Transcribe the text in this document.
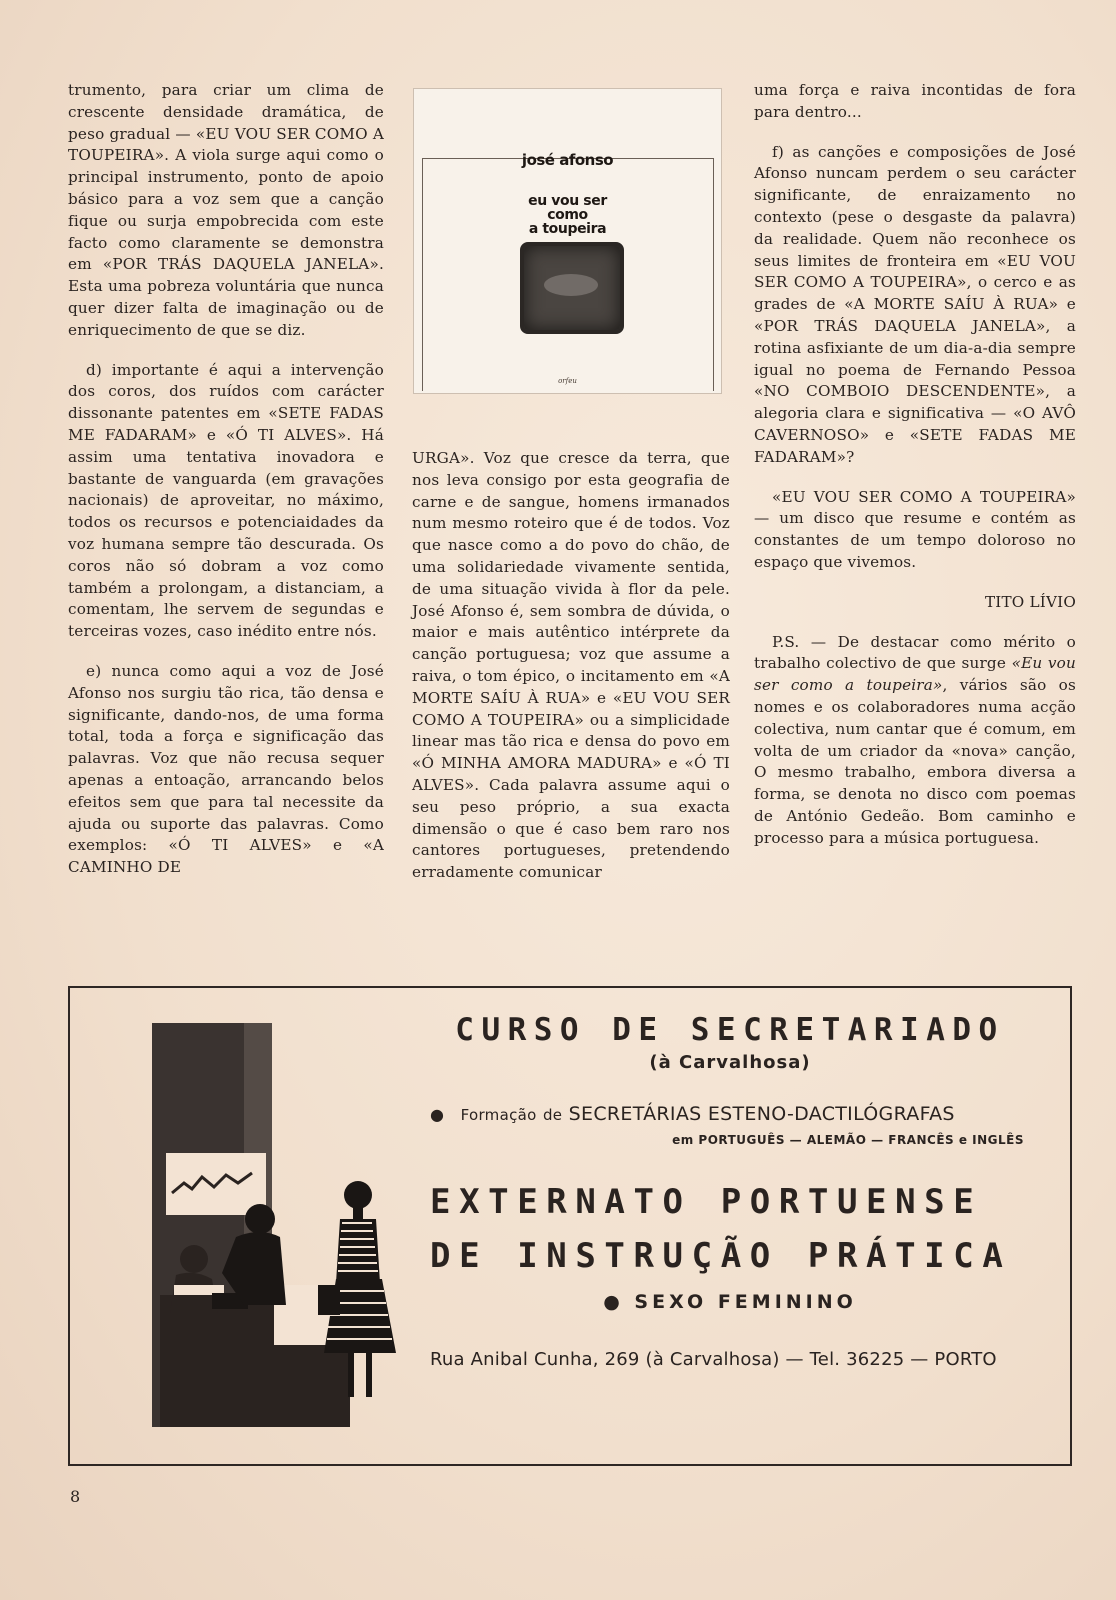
trumento, para criar um clima de crescente densidade dramática, de peso gradual — «EU VOU SER COMO A TOUPEIRA». A viola surge aqui como o principal instrumento, ponto de apoio básico para a voz sem que a canção fique ou surja empobrecida com este facto como claramente se demonstra em «POR TRÁS DAQUELA JANELA». Esta uma pobreza voluntária que nunca quer dizer falta de imaginação ou de enriquecimento de que se diz.

d) importante é aqui a intervenção dos coros, dos ruídos com carácter dissonante patentes em «SETE FADAS ME FADARAM» e «Ó TI ALVES». Há assim uma tentativa inovadora e bastante de vanguarda (em gravações nacionais) de aproveitar, no máximo, todos os recursos e potenciaidades da voz humana sempre tão descurada. Os coros não só dobram a voz como também a prolongam, a distanciam, a comentam, lhe servem de segundas e terceiras vozes, caso inédito entre nós.

e) nunca como aqui a voz de José Afonso nos surgiu tão rica, tão densa e significante, dando-nos, de uma forma total, toda a força e significação das palavras. Voz que não recusa sequer apenas a entoação, arrancando belos efeitos sem que para tal necessite da ajuda ou suporte das palavras. Como exemplos: «Ó TI ALVES» e «A CAMINHO DE

josé afonso
eu vou ser
como
a toupeira
orfeu

URGA». Voz que cresce da terra, que nos leva consigo por esta geografia de carne e de sangue, homens irmanados num mesmo roteiro que é de todos. Voz que nasce como a do povo do chão, de uma solidariedade vivamente sentida, de uma situação vivida à flor da pele. José Afonso é, sem sombra de dúvida, o maior e mais autêntico intérprete da canção portuguesa; voz que assume a raiva, o tom épico, o incitamento em «A MORTE SAÍU À RUA» e «EU VOU SER COMO A TOUPEIRA» ou a simplicidade linear mas tão rica e densa do povo em «Ó MINHA AMORA MADURA» e «Ó TI ALVES». Cada palavra assume aqui o seu peso próprio, a sua exacta dimensão o que é caso bem raro nos cantores portugueses, pretendendo erradamente comunicar

uma força e raiva incontidas de fora para dentro...

f) as canções e composições de José Afonso nuncam perdem o seu carácter significante, de enraizamento no contexto (pese o desgaste da palavra) da realidade. Quem não reconhece os seus limites de fronteira em «EU VOU SER COMO A TOUPEIRA», o cerco e as grades de «A MORTE SAÍU À RUA» e «POR TRÁS DAQUELA JANELA», a rotina asfixiante de um dia-a-dia sempre igual no poema de Fernando Pessoa «NO COMBOIO DESCENDENTE», a alegoria clara e significativa — «O AVÔ CAVERNOSO» e «SETE FADAS ME FADARAM»?

«EU VOU SER COMO A TOUPEIRA» — um disco que resume e contém as constantes de um tempo doloroso no espaço que vivemos.

TITO LÍVIO

P.S. — De destacar como mérito o trabalho colectivo de que surge «Eu vou ser como a toupeira», vários são os nomes e os colaboradores numa acção colectiva, num cantar que é comum, em volta de um criador da «nova» canção, O mesmo trabalho, embora diversa a forma, se denota no disco com poemas de António Gedeão. Bom caminho e processo para a música portuguesa.

CURSO DE SECRETARIADO
(à Carvalhosa)
● Formação de SECRETÁRIAS ESTENO-DACTILÓGRAFAS
em PORTUGUÊS — ALEMÃO — FRANCÊS e INGLÊS

EXTERNATO PORTUENSE

DE INSTRUÇÃO PRÁTICA

● SEXO FEMININO
Rua Anibal Cunha, 269 (à Carvalhosa) — Tel. 36225 — PORTO
8
